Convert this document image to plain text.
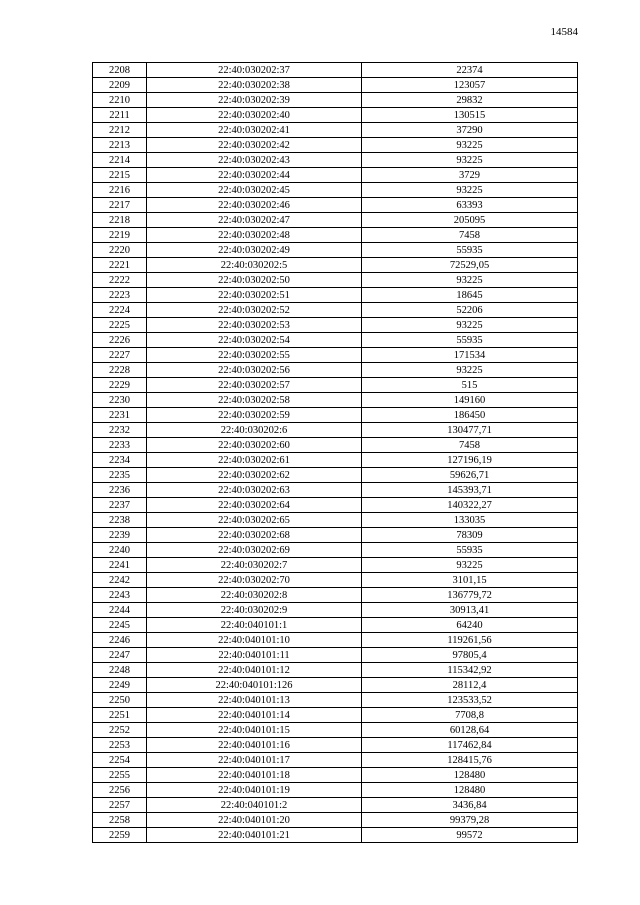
14584
2208	22:40:030202:37	22374
2209	22:40:030202:38	123057
2210	22:40:030202:39	29832
2211	22:40:030202:40	130515
2212	22:40:030202:41	37290
2213	22:40:030202:42	93225
2214	22:40:030202:43	93225
2215	22:40:030202:44	3729
2216	22:40:030202:45	93225
2217	22:40:030202:46	63393
2218	22:40:030202:47	205095
2219	22:40:030202:48	7458
2220	22:40:030202:49	55935
2221	22:40:030202:5	72529,05
2222	22:40:030202:50	93225
2223	22:40:030202:51	18645
2224	22:40:030202:52	52206
2225	22:40:030202:53	93225
2226	22:40:030202:54	55935
2227	22:40:030202:55	171534
2228	22:40:030202:56	93225
2229	22:40:030202:57	515
2230	22:40:030202:58	149160
2231	22:40:030202:59	186450
2232	22:40:030202:6	130477,71
2233	22:40:030202:60	7458
2234	22:40:030202:61	127196,19
2235	22:40:030202:62	59626,71
2236	22:40:030202:63	145393,71
2237	22:40:030202:64	140322,27
2238	22:40:030202:65	133035
2239	22:40:030202:68	78309
2240	22:40:030202:69	55935
2241	22:40:030202:7	93225
2242	22:40:030202:70	3101,15
2243	22:40:030202:8	136779,72
2244	22:40:030202:9	30913,41
2245	22:40:040101:1	64240
2246	22:40:040101:10	119261,56
2247	22:40:040101:11	97805,4
2248	22:40:040101:12	115342,92
2249	22:40:040101:126	28112,4
2250	22:40:040101:13	123533,52
2251	22:40:040101:14	7708,8
2252	22:40:040101:15	60128,64
2253	22:40:040101:16	117462,84
2254	22:40:040101:17	128415,76
2255	22:40:040101:18	128480
2256	22:40:040101:19	128480
2257	22:40:040101:2	3436,84
2258	22:40:040101:20	99379,28
2259	22:40:040101:21	99572
